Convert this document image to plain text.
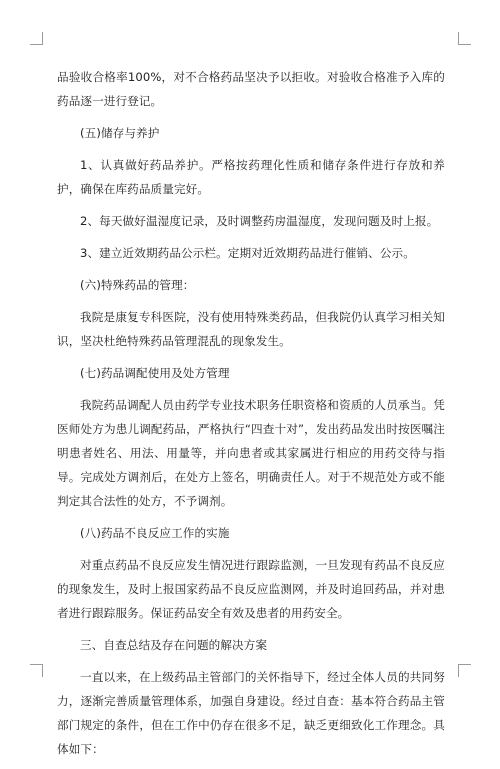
品验收合格率100%，对不合格药品坚决予以拒收。对验收合格准予入库的药品逐一进行登记。

(五)储存与养护

1、认真做好药品养护。严格按药理化性质和储存条件进行存放和养护，确保在库药品质量完好。

2、每天做好温湿度记录，及时调整药房温湿度，发现问题及时上报。

3、建立近效期药品公示栏。定期对近效期药品进行催销、公示。

(六)特殊药品的管理：

我院是康复专科医院，没有使用特殊类药品，但我院仍认真学习相关知识，坚决杜绝特殊药品管理混乱的现象发生。

(七)药品调配使用及处方管理

我院药品调配人员由药学专业技术职务任职资格和资质的人员承当。凭医师处方为患儿调配药品，严格执行“四查十对”，发出药品发出时按医嘱注明患者姓名、用法、用量等，并向患者或其家属进行相应的用药交待与指导。完成处方调剂后，在处方上签名，明确责任人。对于不规范处方或不能判定其合法性的处方，不予调剂。

(八)药品不良反应工作的实施

对重点药品不良反应发生情况进行跟踪监测，一旦发现有药品不良反应的现象发生，及时上报国家药品不良反应监测网，并及时追回药品，并对患者进行跟踪服务。保证药品安全有效及患者的用药安全。

三、自查总结及存在问题的解决方案

一直以来，在上级药品主管部门的关怀指导下，经过全体人员的共同努力，逐渐完善质量管理体系，加强自身建设。经过自查：基本符合药品主管部门规定的条件，但在工作中仍存在很多不足，缺乏更细致化工作理念。具体如下：
